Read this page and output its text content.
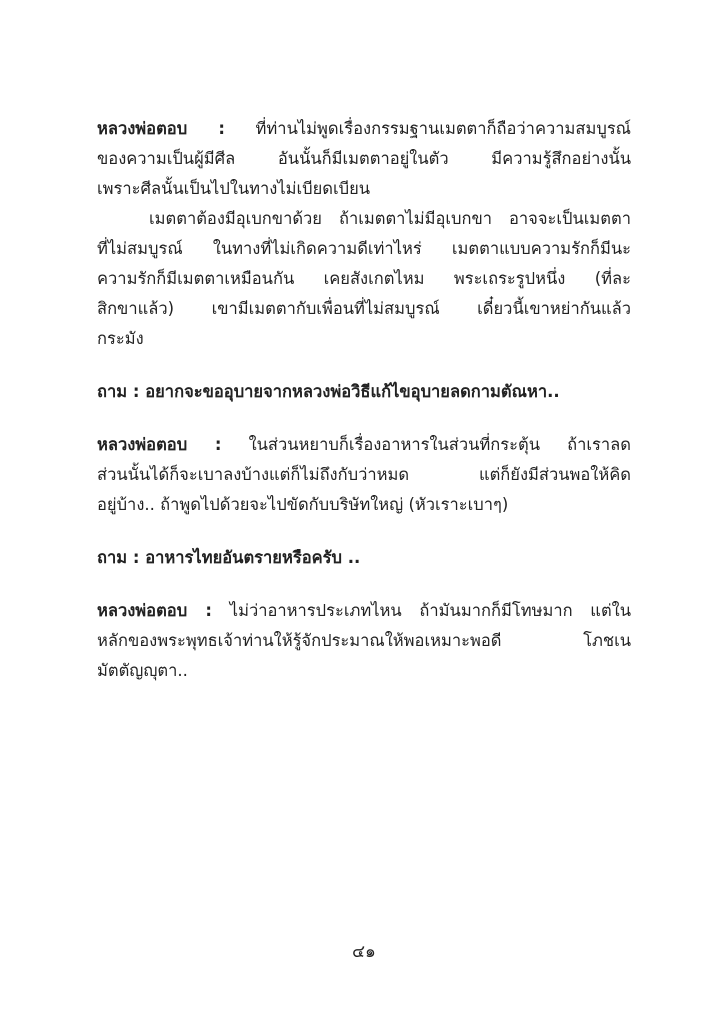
หลวงพ่อตอบ : ที่ท่านไม่พูดเรื่องกรรมฐานเมตตาก็ถือว่าความสมบูรณ์
ของความเป็นผู้มีศีล อันนั้นก็มีเมตตาอยู่ในตัว มีความรู้สึกอย่างนั้น
เพราะศีลนั้นเป็นไปในทางไม่เบียดเบียน
เมตตาต้องมีอุเบกขาด้วย ถ้าเมตตาไม่มีอุเบกขา อาจจะเป็นเมตตา
ที่ไม่สมบูรณ์ ในทางที่ไม่เกิดความดีเท่าไหร่ เมตตาแบบความรักก็มีนะ
ความรักก็มีเมตตาเหมือนกัน เคยสังเกตไหม พระเถระรูปหนึ่ง (ที่ละ
สิกขาแล้ว) เขามีเมตตากับเพื่อนที่ไม่สมบูรณ์ เดี๋ยวนี้เขาหย่ากันแล้ว
กระมัง
ถาม : อยากจะขออุบายจากหลวงพ่อวิธีแก้ไขอุบายลดกามตัณหา..
หลวงพ่อตอบ : ในส่วนหยาบก็เรื่องอาหารในส่วนที่กระตุ้น ถ้าเราลด
ส่วนนั้นได้ก็จะเบาลงบ้างแต่ก็ไม่ถึงกับว่าหมด แต่ก็ยังมีส่วนพอให้คิด
อยู่บ้าง.. ถ้าพูดไปด้วยจะไปขัดกับบริษัทใหญ่ (หัวเราะเบาๆ)
ถาม : อาหารไทยอันตรายหรือครับ ..
หลวงพ่อตอบ : ไม่ว่าอาหารประเภทไหน ถ้ามันมากก็มีโทษมาก แต่ใน
หลักของพระพุทธเจ้าท่านให้รู้จักประมาณให้พอเหมาะพอดี โภชเน
มัตตัญญุตา..
๔๑
